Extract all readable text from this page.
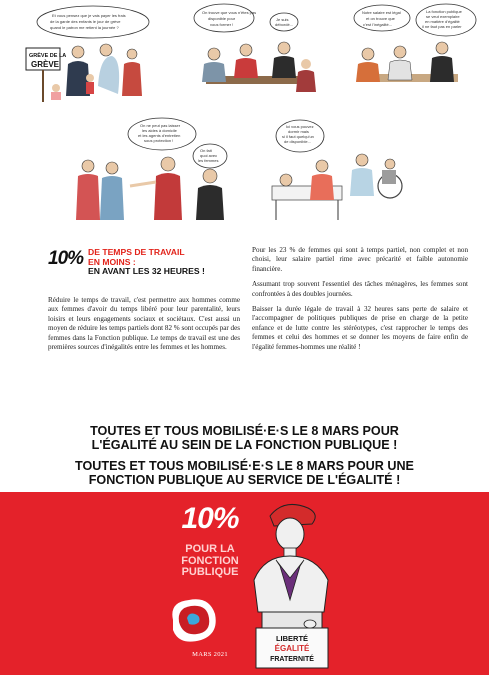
Et vous pensez que je vais payer les frais
de la garde des enfants le jour de grève
quand le patron me retient la journée ?
GRÈVE DE LA
GRÈVE
On trouve que vous n'êtes pas
disponible pour
vous former !
Je suis
débordé...
Notre salaire est légal
et on trouve que
c'est l'inégalité...
La fonction publique
se veut exemplaire
en matière d'égalité
il ne faut pas en parler
On ne peut pas laisser
les aides à domicile
et les agents d'entretien
sous protection !
On fait
quoi avec
les femmes
Ici vous pouvez
dormir mais
si il faut quelqu'un
de disponible...
10% DE TEMPS DE TRAVAIL
EN MOINS :
EN AVANT LES 32 HEURES !

Réduire le temps de travail, c'est permettre aux hommes comme aux femmes d'avoir du temps libéré pour leur parentalité, leurs loisirs et leurs engagements sociaux et sociétaux. C'est aussi un moyen de réduire les temps partiels dont 82 % sont occupés par des femmes dans la Fonction publique. Le temps de travail est une des premières sources d'inégalités entre les femmes et les hommes.

Pour les 23 % de femmes qui sont à temps partiel, non complet et non choisi, leur salaire partiel rime avec précarité et faible autonomie financière.

Assumant trop souvent l'essentiel des tâches ménagères, les femmes sont confrontées à des doubles journées.

Baisser la durée légale de travail à 32 heures sans perte de salaire et l'accompagner de politiques publiques de prise en charge de la petite enfance et de lutte contre les stéréotypes, c'est rapprocher le temps des femmes et celui des hommes et se donner les moyens de faire enfin de l'égalité femmes-hommes une réalité !

TOUTES ET TOUS MOBILISÉ·E·S LE 8 MARS POUR
L'ÉGALITÉ AU SEIN DE LA FONCTION PUBLIQUE !
TOUTES ET TOUS MOBILISÉ·E·S LE 8 MARS POUR UNE
FONCTION PUBLIQUE AU SERVICE DE L'ÉGALITÉ !
10%
POUR LA
FONCTION
PUBLIQUE
MARS 2021
LIBERTÉ
ÉGALITÉ
FRATERNITÉ
